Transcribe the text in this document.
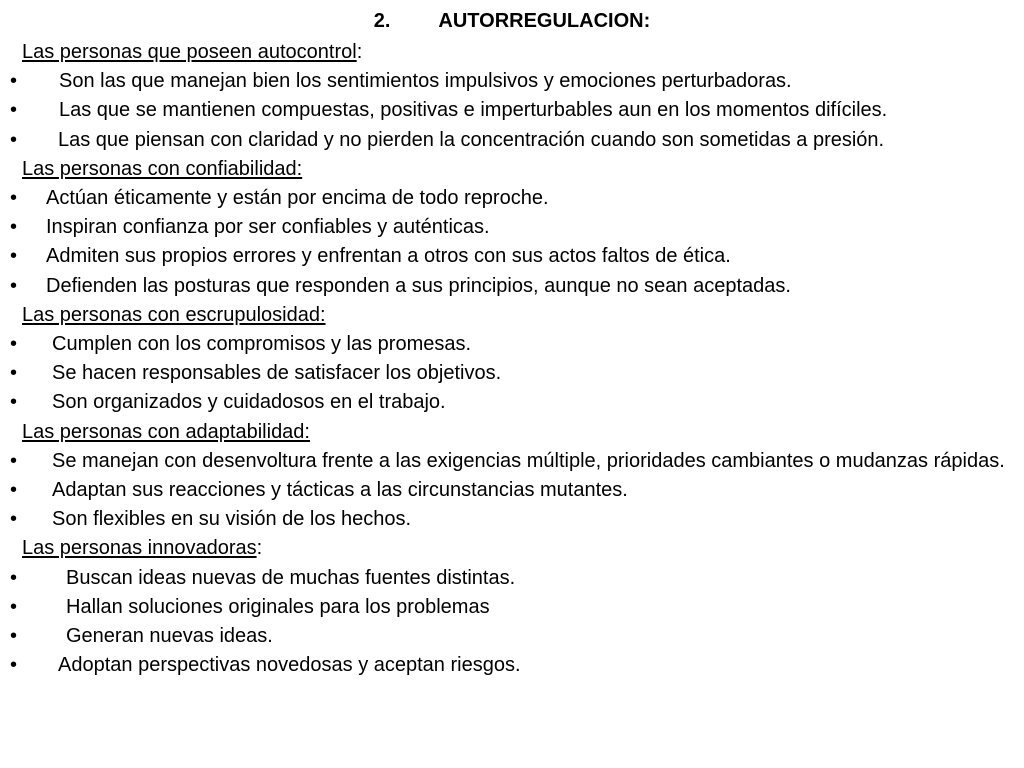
2. AUTORREGULACION:
Las personas que poseen autocontrol:
• Son las que manejan bien los sentimientos impulsivos y emociones perturbadoras.
• Las que se mantienen compuestas, positivas e imperturbables aun en los momentos difíciles.
• Las que piensan con claridad y no pierden la concentración cuando son sometidas a presión.
Las personas con confiabilidad:
• Actúan éticamente y están por encima de todo reproche.
• Inspiran confianza por ser confiables y auténticas.
• Admiten sus propios errores y enfrentan a otros con sus actos faltos de ética.
• Defienden las posturas que responden a sus principios, aunque no sean aceptadas.
Las personas con escrupulosidad:
• Cumplen con los compromisos y las promesas.
• Se hacen responsables de satisfacer los objetivos.
• Son organizados y cuidadosos en el trabajo.
Las personas con adaptabilidad:
• Se manejan con desenvoltura frente a las exigencias múltiple, prioridades cambiantes o mudanzas rápidas.
• Adaptan sus reacciones y tácticas a las circunstancias mutantes.
• Son flexibles en su visión de los hechos.
Las personas innovadoras:
• Buscan ideas nuevas de muchas fuentes distintas.
• Hallan soluciones originales para los problemas
• Generan nuevas ideas.
• Adoptan perspectivas novedosas y aceptan riesgos.
